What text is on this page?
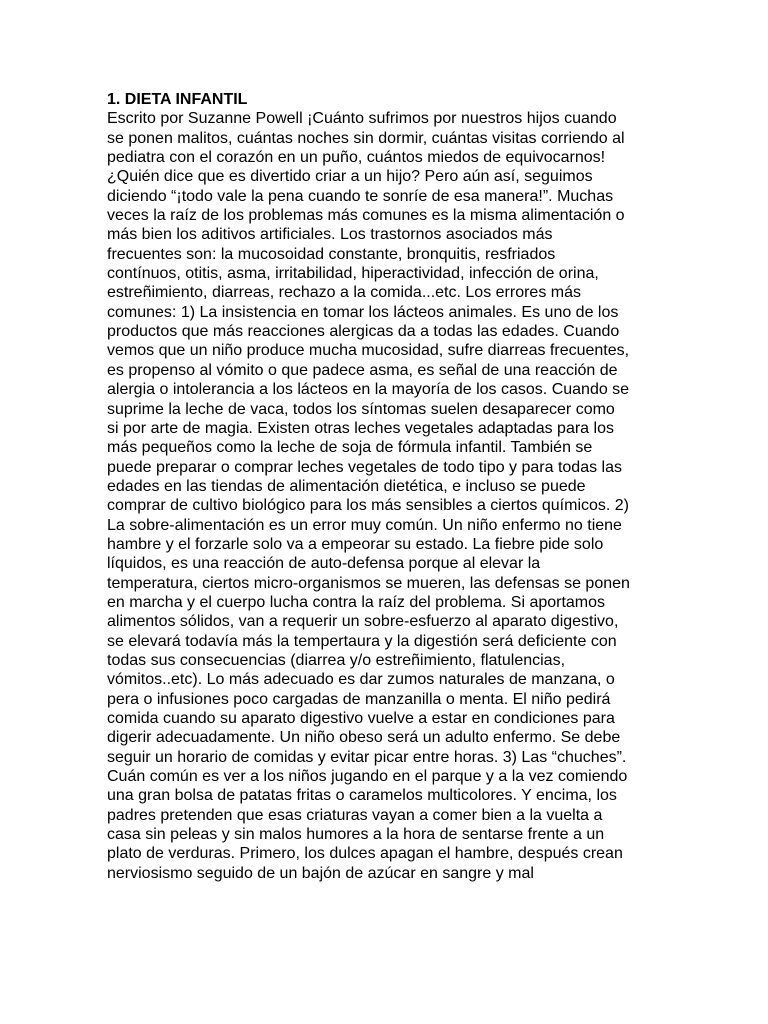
1. DIETA INFANTIL
Escrito por Suzanne Powell ¡Cuánto sufrimos por nuestros hijos cuando
se ponen malitos, cuántas noches sin dormir, cuántas visitas corriendo al
pediatra con el corazón en un puño, cuántos miedos de equivocarnos!
¿Quién dice que es divertido criar a un hijo? Pero aún así, seguimos
diciendo “¡todo vale la pena cuando te sonríe de esa manera!”. Muchas
veces la raíz de los problemas más comunes es la misma alimentación o
más bien los aditivos artificiales. Los trastornos asociados más
frecuentes son: la mucosoidad constante, bronquitis, resfriados
contínuos, otitis, asma, irritabilidad, hiperactividad, infección de orina,
estreñimiento, diarreas, rechazo a la comida...etc. Los errores más
comunes: 1) La insistencia en tomar los lácteos animales. Es uno de los
productos que más reacciones alergicas da a todas las edades. Cuando
vemos que un niño produce mucha mucosidad, sufre diarreas frecuentes,
es propenso al vómito o que padece asma, es señal de una reacción de
alergia o intolerancia a los lácteos en la mayoría de los casos. Cuando se
suprime la leche de vaca, todos los síntomas suelen desaparecer como
si por arte de magia. Existen otras leches vegetales adaptadas para los
más pequeños como la leche de soja de fórmula infantil. También se
puede preparar o comprar leches vegetales de todo tipo y para todas las
edades en las tiendas de alimentación dietética, e incluso se puede
comprar de cultivo biológico para los más sensibles a ciertos químicos. 2)
La sobre-alimentación es un error muy común. Un niño enfermo no tiene
hambre y el forzarle solo va a empeorar su estado. La fiebre pide solo
líquidos, es una reacción de auto-defensa porque al elevar la
temperatura, ciertos micro-organismos se mueren, las defensas se ponen
en marcha y el cuerpo lucha contra la raíz del problema. Si aportamos
alimentos sólidos, van a requerir un sobre-esfuerzo al aparato digestivo,
se elevará todavía más la tempertaura y la digestión será deficiente con
todas sus consecuencias (diarrea y/o estreñimiento, flatulencias,
vómitos..etc). Lo más adecuado es dar zumos naturales de manzana, o
pera o infusiones poco cargadas de manzanilla o menta. El niño pedirá
comida cuando su aparato digestivo vuelve a estar en condiciones para
digerir adecuadamente. Un niño obeso será un adulto enfermo. Se debe
seguir un horario de comidas y evitar picar entre horas. 3) Las “chuches”.
Cuán común es ver a los niños jugando en el parque y a la vez comiendo
una gran bolsa de patatas fritas o caramelos multicolores. Y encima, los
padres pretenden que esas criaturas vayan a comer bien a la vuelta a
casa sin peleas y sin malos humores a la hora de sentarse frente a un
plato de verduras. Primero, los dulces apagan el hambre, después crean
nerviosismo seguido de un bajón de azúcar en sangre y mal
